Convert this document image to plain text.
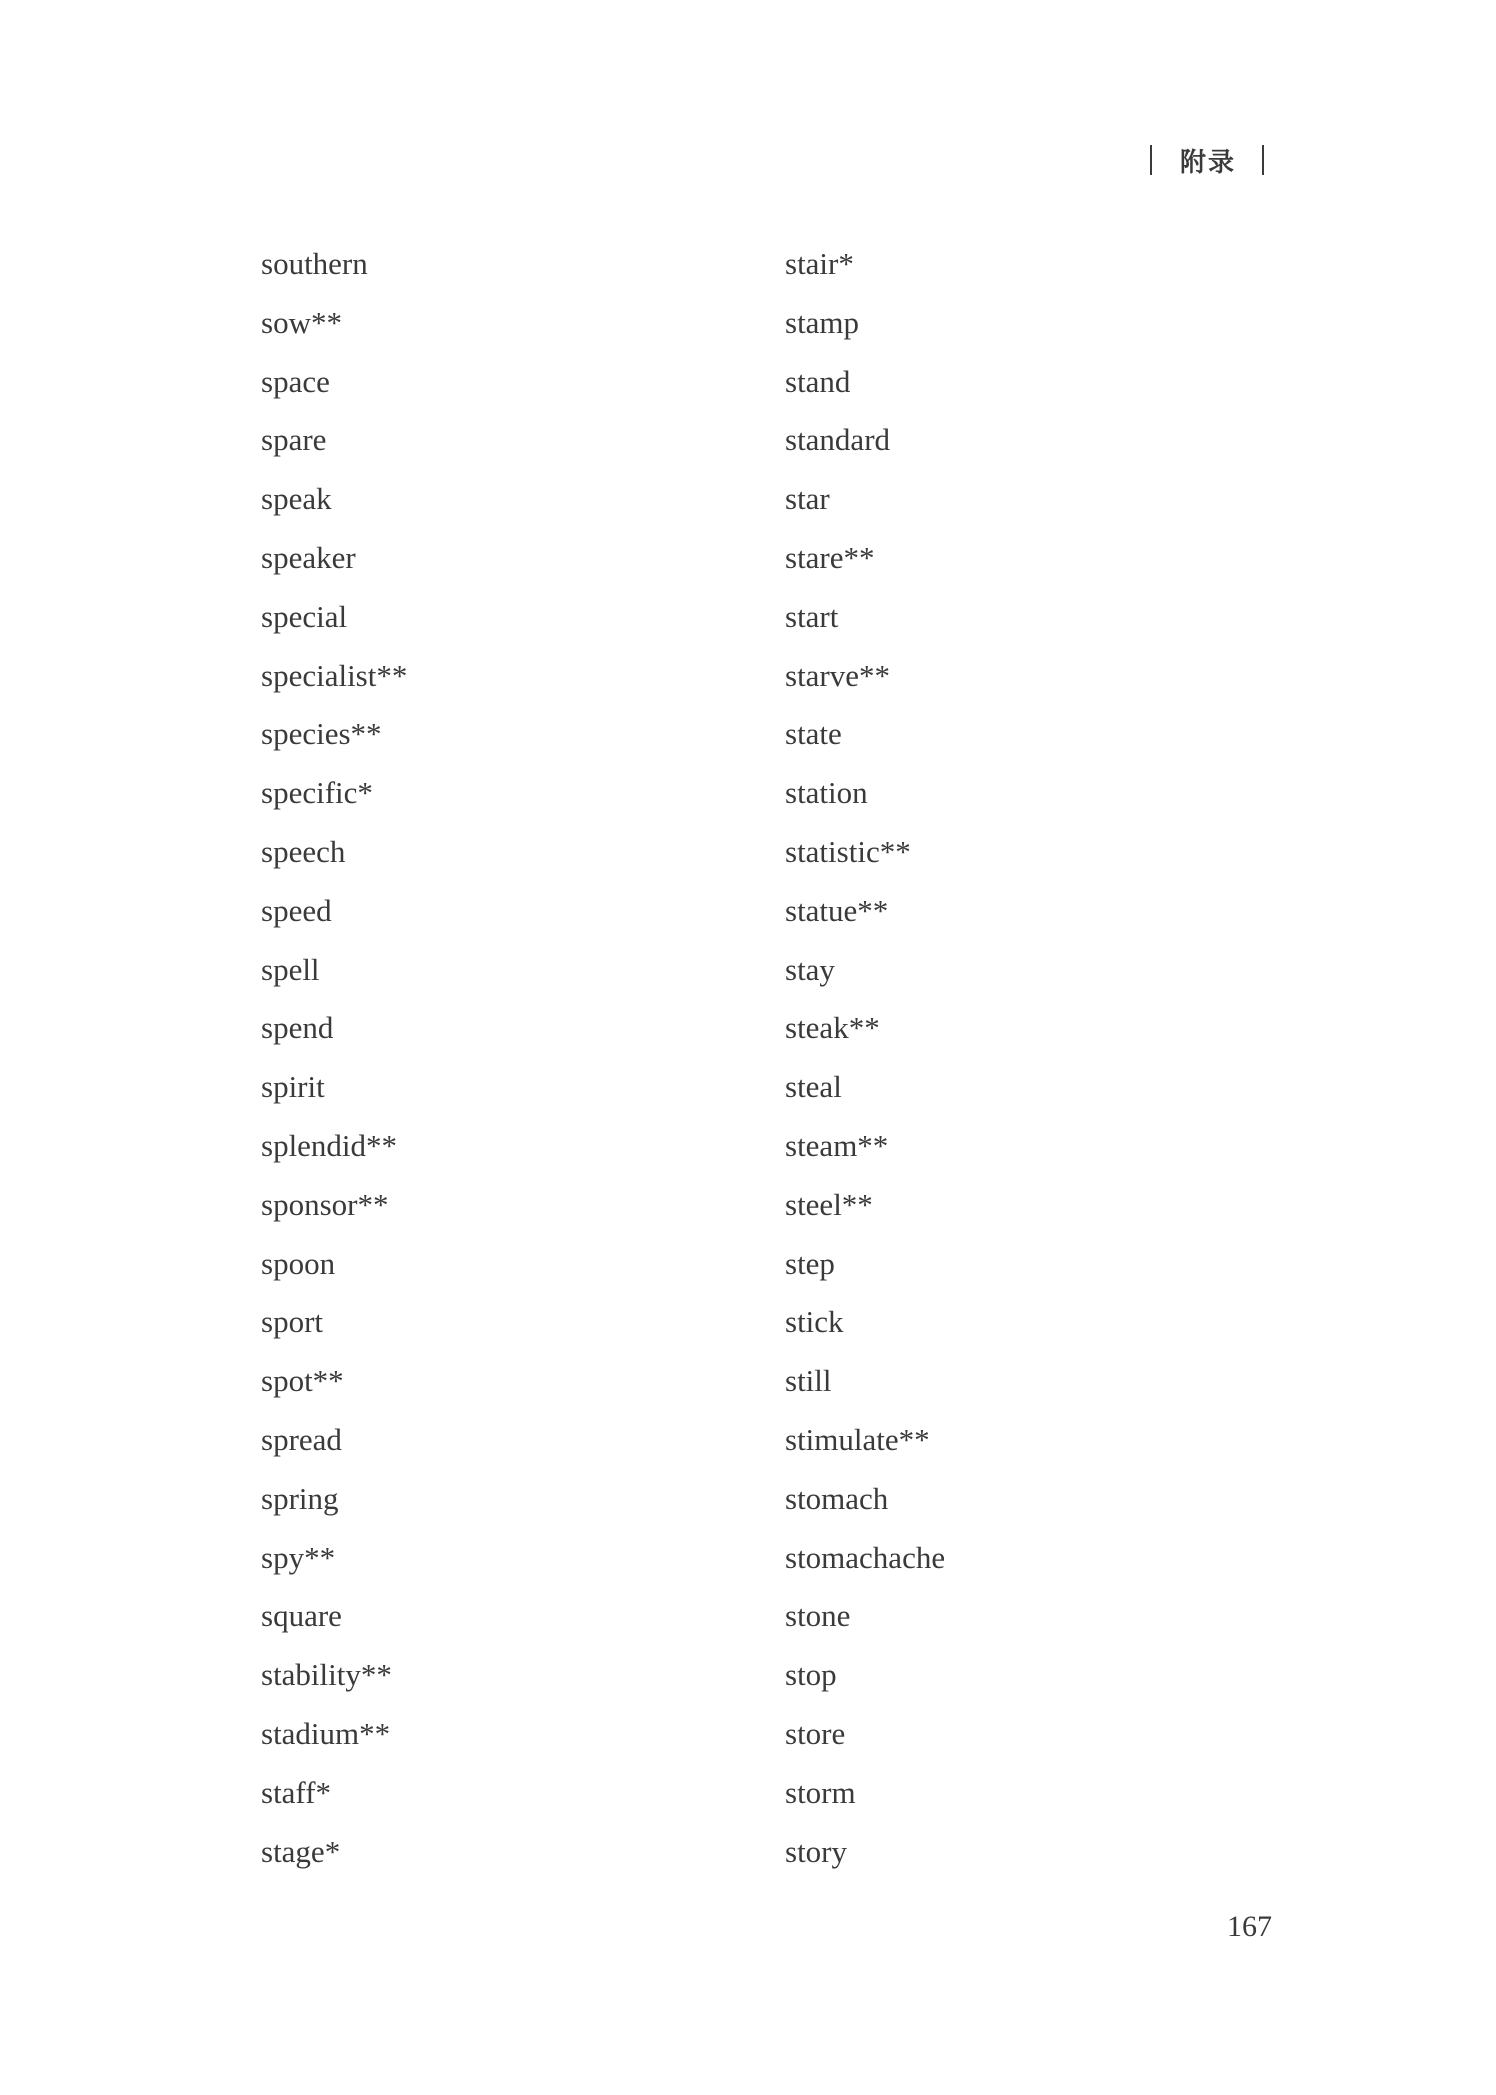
附录
southern
sow**
space
spare
speak
speaker
special
specialist**
species**
specific*
speech
speed
spell
spend
spirit
splendid**
sponsor**
spoon
sport
spot**
spread
spring
spy**
square
stability**
stadium**
staff*
stage*
stair*
stamp
stand
standard
star
stare**
start
starve**
state
station
statistic**
statue**
stay
steak**
steal
steam**
steel**
step
stick
still
stimulate**
stomach
stomachache
stone
stop
store
storm
story
167
